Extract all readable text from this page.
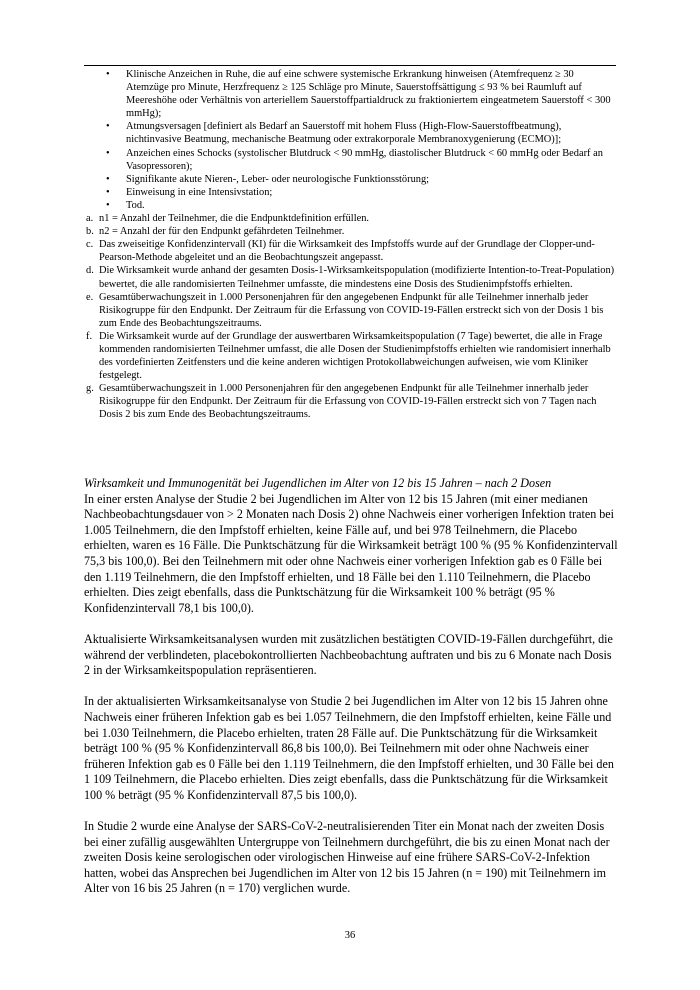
• Klinische Anzeichen in Ruhe, die auf eine schwere systemische Erkrankung hinweisen (Atemfrequenz ≥ 30 Atemzüge pro Minute, Herzfrequenz ≥ 125 Schläge pro Minute, Sauerstoffsättigung ≤ 93 % bei Raumluft auf Meereshöhe oder Verhältnis von arteriellem Sauerstoffpartialdruck zu fraktioniertem eingeatmetem Sauerstoff < 300 mmHg);
• Atmungsversagen [definiert als Bedarf an Sauerstoff mit hohem Fluss (High-Flow-Sauerstoffbeatmung), nichtinvasive Beatmung, mechanische Beatmung oder extrakorporale Membranoxygenierung (ECMO)];
• Anzeichen eines Schocks (systolischer Blutdruck < 90 mmHg, diastolischer Blutdruck < 60 mmHg oder Bedarf an Vasopressoren);
• Signifikante akute Nieren-, Leber- oder neurologische Funktionsstörung;
• Einweisung in eine Intensivstation;
• Tod.
a. n1 = Anzahl der Teilnehmer, die die Endpunktdefinition erfüllen.
b. n2 = Anzahl der für den Endpunkt gefährdeten Teilnehmer.
c. Das zweiseitige Konfidenzintervall (KI) für die Wirksamkeit des Impfstoffs wurde auf der Grundlage der Clopper-und-Pearson-Methode abgeleitet und an die Beobachtungszeit angepasst.
d. Die Wirksamkeit wurde anhand der gesamten Dosis-1-Wirksamkeitspopulation (modifizierte Intention-to-Treat-Population) bewertet, die alle randomisierten Teilnehmer umfasste, die mindestens eine Dosis des Studienimpfstoffs erhielten.
e. Gesamtüberwachungszeit in 1.000 Personenjahren für den angegebenen Endpunkt für alle Teilnehmer innerhalb jeder Risikogruppe für den Endpunkt. Der Zeitraum für die Erfassung von COVID-19-Fällen erstreckt sich von der Dosis 1 bis zum Ende des Beobachtungszeitraums.
f. Die Wirksamkeit wurde auf der Grundlage der auswertbaren Wirksamkeitspopulation (7 Tage) bewertet, die alle in Frage kommenden randomisierten Teilnehmer umfasst, die alle Dosen der Studienimpfstoffs erhielten wie randomisiert innerhalb des vordefinierten Zeitfensters und die keine anderen wichtigen Protokollabweichungen aufweisen, wie vom Kliniker festgelegt.
g. Gesamtüberwachungszeit in 1.000 Personenjahren für den angegebenen Endpunkt für alle Teilnehmer innerhalb jeder Risikogruppe für den Endpunkt. Der Zeitraum für die Erfassung von COVID-19-Fällen erstreckt sich von 7 Tagen nach Dosis 2 bis zum Ende des Beobachtungszeitraums.

Wirksamkeit und Immunogenität bei Jugendlichen im Alter von 12 bis 15 Jahren – nach 2 Dosen

In einer ersten Analyse der Studie 2 bei Jugendlichen im Alter von 12 bis 15 Jahren (mit einer medianen Nachbeobachtungsdauer von > 2 Monaten nach Dosis 2) ohne Nachweis einer vorherigen Infektion traten bei 1.005 Teilnehmern, die den Impfstoff erhielten, keine Fälle auf, und bei 978 Teilnehmern, die Placebo erhielten, waren es 16 Fälle. Die Punktschätzung für die Wirksamkeit beträgt 100 % (95 % Konfidenzintervall 75,3 bis 100,0). Bei den Teilnehmern mit oder ohne Nachweis einer vorherigen Infektion gab es 0 Fälle bei den 1.119 Teilnehmern, die den Impfstoff erhielten, und 18 Fälle bei den 1.110 Teilnehmern, die Placebo erhielten. Dies zeigt ebenfalls, dass die Punktschätzung für die Wirksamkeit 100 % beträgt (95 % Konfidenzintervall 78,1 bis 100,0).

Aktualisierte Wirksamkeitsanalysen wurden mit zusätzlichen bestätigten COVID-19-Fällen durchgeführt, die während der verblindeten, placebokontrollierten Nachbeobachtung auftraten und bis zu 6 Monate nach Dosis 2 in der Wirksamkeitspopulation repräsentieren.

In der aktualisierten Wirksamkeitsanalyse von Studie 2 bei Jugendlichen im Alter von 12 bis 15 Jahren ohne Nachweis einer früheren Infektion gab es bei 1.057 Teilnehmern, die den Impfstoff erhielten, keine Fälle und bei 1.030 Teilnehmern, die Placebo erhielten, traten 28 Fälle auf. Die Punktschätzung für die Wirksamkeit beträgt 100 % (95 % Konfidenzintervall 86,8 bis 100,0). Bei Teilnehmern mit oder ohne Nachweis einer früheren Infektion gab es 0 Fälle bei den 1.119 Teilnehmern, die den Impfstoff erhielten, und 30 Fälle bei den 1 109 Teilnehmern, die Placebo erhielten. Dies zeigt ebenfalls, dass die Punktschätzung für die Wirksamkeit 100 % beträgt (95 % Konfidenzintervall 87,5 bis 100,0).

In Studie 2 wurde eine Analyse der SARS-CoV-2-neutralisierenden Titer ein Monat nach der zweiten Dosis bei einer zufällig ausgewählten Untergruppe von Teilnehmern durchgeführt, die bis zu einen Monat nach der zweiten Dosis keine serologischen oder virologischen Hinweise auf eine frühere SARS-CoV-2-Infektion hatten, wobei das Ansprechen bei Jugendlichen im Alter von 12 bis 15 Jahren (n = 190) mit Teilnehmern im Alter von 16 bis 25 Jahren (n = 170) verglichen wurde.

36
